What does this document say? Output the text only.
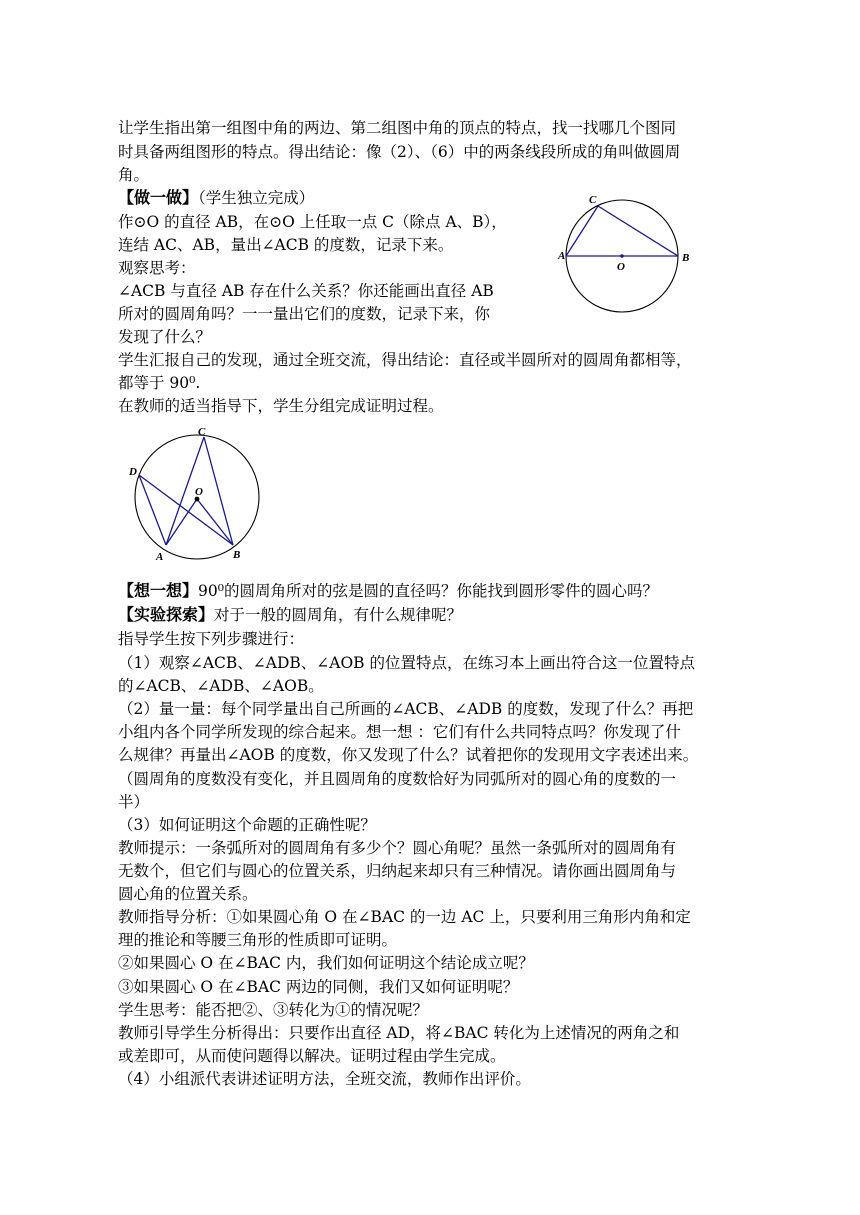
让学生指出第一组图中角的两边、第二组图中角的顶点的特点，找一找哪几个图同
时具备两组图形的特点。得出结论：像（2）、（6）中的两条线段所成的角叫做圆周
角。
【做一做】（学生独立完成）
作⊙O 的直径 AB，在⊙O 上任取一点 C（除点 A、B），
连结 AC、AB，量出∠ACB 的度数，记录下来。
观察思考：
∠ACB 与直径 AB 存在什么关系？你还能画出直径 AB
所对的圆周角吗？一一量出它们的度数，记录下来，你
发现了什么？
C
A
O
B
学生汇报自己的发现，通过全班交流，得出结论：直径或半圆所对的圆周角都相等，
都等于 90⁰.
在教师的适当指导下，学生分组完成证明过程。
C
D
O
A	B
【想一想】90⁰的圆周角所对的弦是圆的直径吗？你能找到圆形零件的圆心吗？
【实验探索】对于一般的圆周角，有什么规律呢？
指导学生按下列步骤进行：
（1）观察∠ACB、∠ADB、∠AOB 的位置特点，在练习本上画出符合这一位置特点
的∠ACB、∠ADB、∠AOB。
（2）量一量：每个同学量出自己所画的∠ACB、∠ADB 的度数，发现了什么？再把
小组内各个同学所发现的综合起来。想一想 ：它们有什么共同特点吗？你发现了什
么规律？再量出∠AOB 的度数，你又发现了什么？试着把你的发现用文字表述出来。
（圆周角的度数没有变化，并且圆周角的度数恰好为同弧所对的圆心角的度数的一
半）
（3）如何证明这个命题的正确性呢？
教师提示：一条弧所对的圆周角有多少个？圆心角呢？虽然一条弧所对的圆周角有
无数个，但它们与圆心的位置关系，归纳起来却只有三种情况。请你画出圆周角与
圆心角的位置关系。
教师指导分析：①如果圆心角 O 在∠BAC 的一边 AC 上，只要利用三角形内角和定
理的推论和等腰三角形的性质即可证明。
②如果圆心 O 在∠BAC 内，我们如何证明这个结论成立呢？
③如果圆心 O 在∠BAC 两边的同侧，我们又如何证明呢？
学生思考：能否把②、③转化为①的情况呢？
教师引导学生分析得出：只要作出直径 AD，将∠BAC 转化为上述情况的两角之和
或差即可，从而使问题得以解决。证明过程由学生完成。
（4）小组派代表讲述证明方法，全班交流，教师作出评价。
